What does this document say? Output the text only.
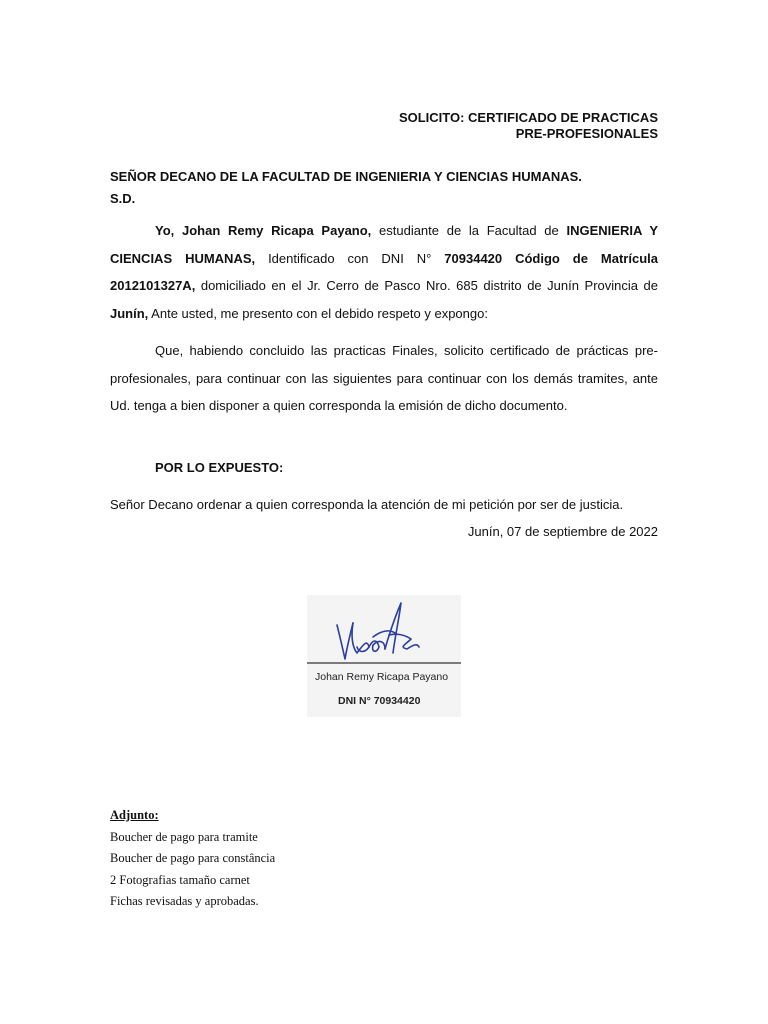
SOLICITO: CERTIFICADO DE PRACTICAS
PRE-PROFESIONALES
SEÑOR DECANO DE LA FACULTAD DE INGENIERIA Y CIENCIAS HUMANAS.
S.D.

Yo, Johan Remy Ricapa Payano, estudiante de la Facultad de INGENIERIA Y CIENCIAS HUMANAS, Identificado con DNI N° 70934420 Código de Matrícula 2012101327A, domiciliado en el Jr. Cerro de Pasco Nro. 685 distrito de Junín Provincia de Junín, Ante usted, me presento con el debido respeto y expongo:

Que, habiendo concluido las practicas Finales, solicito certificado de prácticas pre-profesionales, para continuar con las siguientes para continuar con los demás tramites, ante Ud. tenga a bien disponer a quien corresponda la emisión de dicho documento.

POR LO EXPUESTO:
Señor Decano ordenar a quien corresponda la atención de mi petición por ser de justicia.
Junín, 07 de septiembre de 2022
Johan Remy Ricapa Payano
DNI N° 70934420
Adjunto:
Boucher de pago para tramite
Boucher de pago para constância
2 Fotografias tamaño carnet
Fichas revisadas y aprobadas.
